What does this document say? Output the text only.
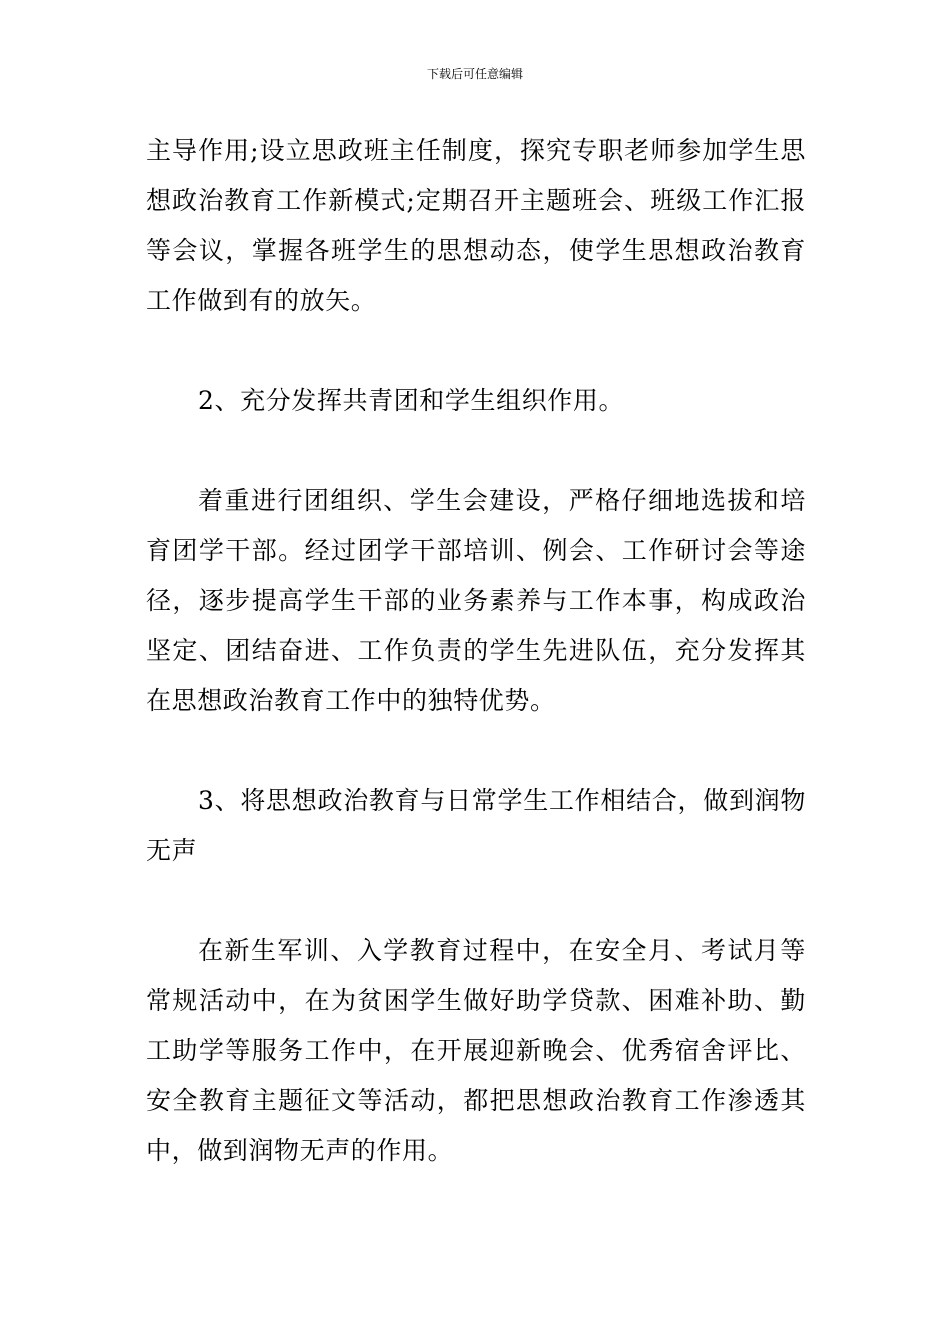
下载后可任意编辑

主导作用;设立思政班主任制度，探究专职老师参加学生思想政治教育工作新模式;定期召开主题班会、班级工作汇报等会议，掌握各班学生的思想动态，使学生思想政治教育工作做到有的放矢。

2、充分发挥共青团和学生组织作用。

着重进行团组织、学生会建设，严格仔细地选拔和培育团学干部。经过团学干部培训、例会、工作研讨会等途径，逐步提高学生干部的业务素养与工作本事，构成政治坚定、团结奋进、工作负责的学生先进队伍，充分发挥其在思想政治教育工作中的独特优势。

3、将思想政治教育与日常学生工作相结合，做到润物无声

在新生军训、入学教育过程中，在安全月、考试月等常规活动中，在为贫困学生做好助学贷款、困难补助、勤工助学等服务工作中，在开展迎新晚会、优秀宿舍评比、安全教育主题征文等活动，都把思想政治教育工作渗透其中，做到润物无声的作用。
